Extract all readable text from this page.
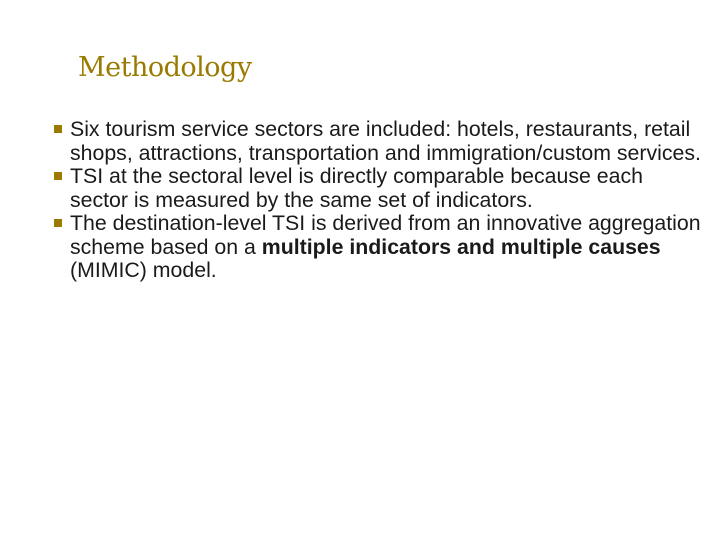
Methodology
Six tourism service sectors are included: hotels, restaurants, retail shops, attractions, transportation and immigration/custom services.
TSI at the sectoral level is directly comparable because each sector is measured by the same set of indicators.
The destination-level TSI is derived from an innovative aggregation scheme based on a multiple indicators and multiple causes (MIMIC) model.
